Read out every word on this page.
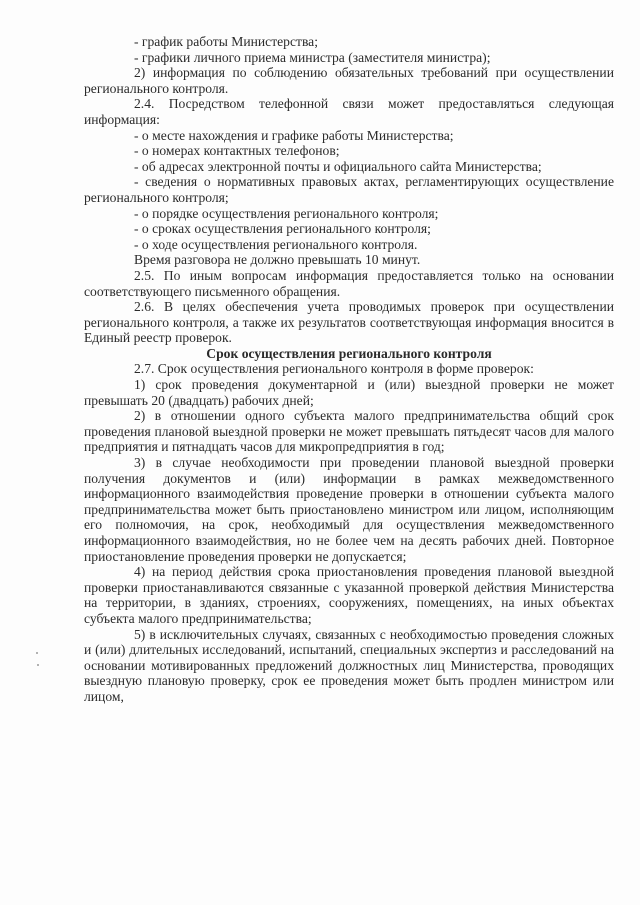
- график работы Министерства;

- графики личного приема министра (заместителя министра);

2) информация по соблюдению обязательных требований при осуществлении регионального контроля.

2.4. Посредством телефонной связи может предоставляться следующая информация:

- о месте нахождения и графике работы Министерства;

- о номерах контактных телефонов;

- об адресах электронной почты и официального сайта Министерства;

- сведения о нормативных правовых актах, регламентирующих осуществление регионального контроля;

- о порядке осуществления регионального контроля;

- о сроках осуществления регионального контроля;

- о ходе осуществления регионального контроля.

Время разговора не должно превышать 10 минут.

2.5. По иным вопросам информация предоставляется только на основании соответствующего письменного обращения.

2.6. В целях обеспечения учета проводимых проверок при осуществлении регионального контроля, а также их результатов соответствующая информация вносится в Единый реестр проверок.

Срок осуществления регионального контроля

2.7. Срок осуществления регионального контроля в форме проверок:

1) срок проведения документарной и (или) выездной проверки не может превышать 20 (двадцать) рабочих дней;

2) в отношении одного субъекта малого предпринимательства общий срок проведения плановой выездной проверки не может превышать пятьдесят часов для малого предприятия и пятнадцать часов для микропредприятия в год;

3) в случае необходимости при проведении плановой выездной проверки получения документов и (или) информации в рамках межведомственного информационного взаимодействия проведение проверки в отношении субъекта малого предпринимательства может быть приостановлено министром или лицом, исполняющим его полномочия, на срок, необходимый для осуществления межведомственного информационного взаимодействия, но не более чем на десять рабочих дней. Повторное приостановление проведения проверки не допускается;

4) на период действия срока приостановления проведения плановой выездной проверки приостанавливаются связанные с указанной проверкой действия Министерства на территории, в зданиях, строениях, сооружениях, помещениях, на иных объектах субъекта малого предпринимательства;

5) в исключительных случаях, связанных с необходимостью проведения сложных и (или) длительных исследований, испытаний, специальных экспертиз и расследований на основании мотивированных предложений должностных лиц Министерства, проводящих выездную плановую проверку, срок ее проведения может быть продлен министром или лицом,
